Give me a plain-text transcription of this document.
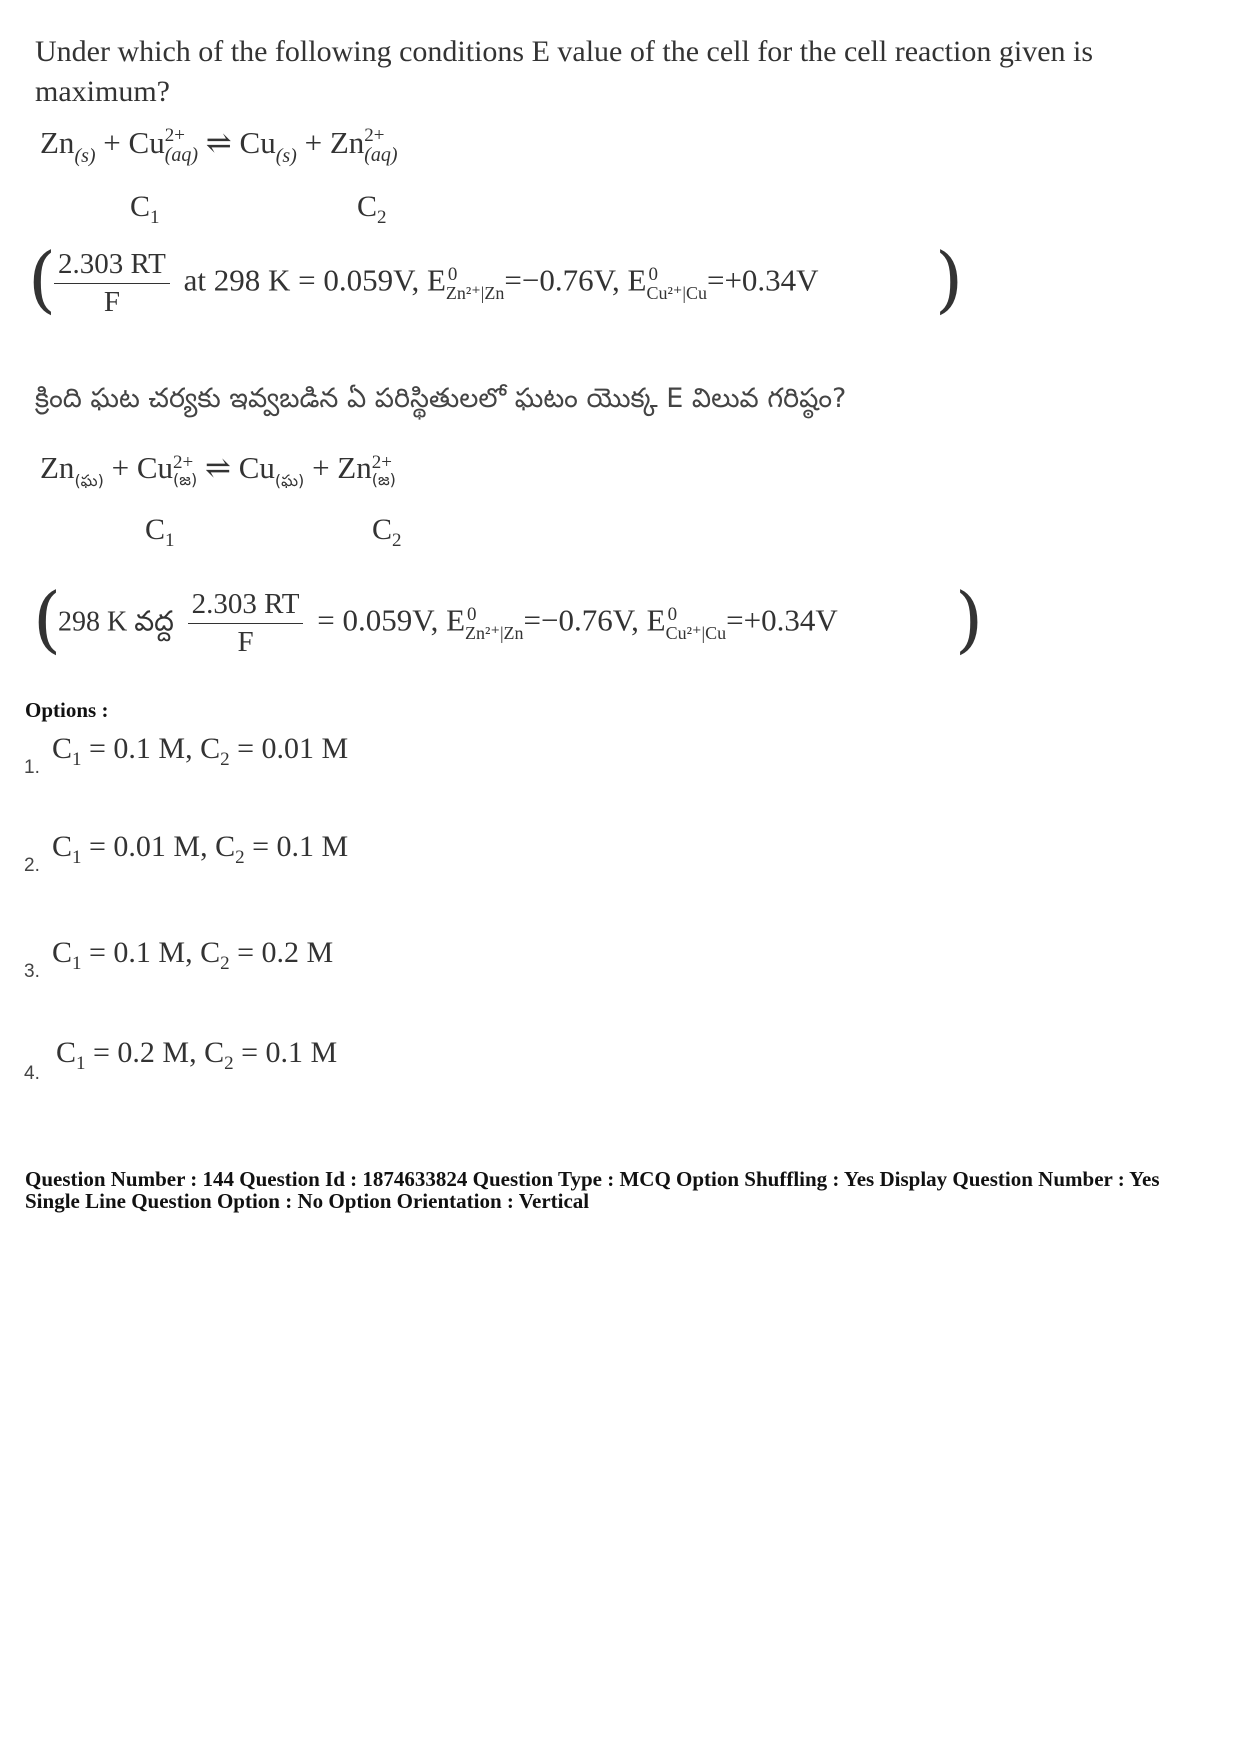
Under which of the following conditions E value of the cell for the cell reaction given is maximum?
Zn (s) + Cu 2+
(aq) ⇌ Cu (s) + Zn 2+
(aq)
$C_1$	$C_2$
(
$\frac{2.303 RT}{F}$ at 298 K = 0.059V, E 0
Zn²⁺|Zn =−0.76V, E 0
Cu²⁺|Cu =+0.34V )
క్రింది ఘట చర్యకు ఇవ్వబడిన ఏ పరిస్థితులలో ఘటం యొక్క E విలువ గరిష్ఠం?
Zn (ఘ) + Cu 2+
(జ) ⇌ Cu (ఘ) + Zn 2+
(జ)
$C_1$	$C_2$
(
298 K వద్ద $\frac{2.303 RT}{F} = 0.059V$, E 0
Zn²⁺|Zn =−0.76V, E 0
Cu²⁺|Cu =+0.34V )
Options :
1.
$C_1 = 0.1$ M, $C_2 = 0.01$ M
2.
$C_1 = 0.01$ M, $C_2 = 0.1$ M
3.
$C_1 = 0.1$ M, $C_2 = 0.2$ M
4.
$C_1 = 0.2$ M, $C_2 = 0.1$ M
Question Number : 144 Question Id : 1874633824 Question Type : MCQ Option Shuffling : Yes Display Question Number : Yes
Single Line Question Option : No Option Orientation : Vertical
